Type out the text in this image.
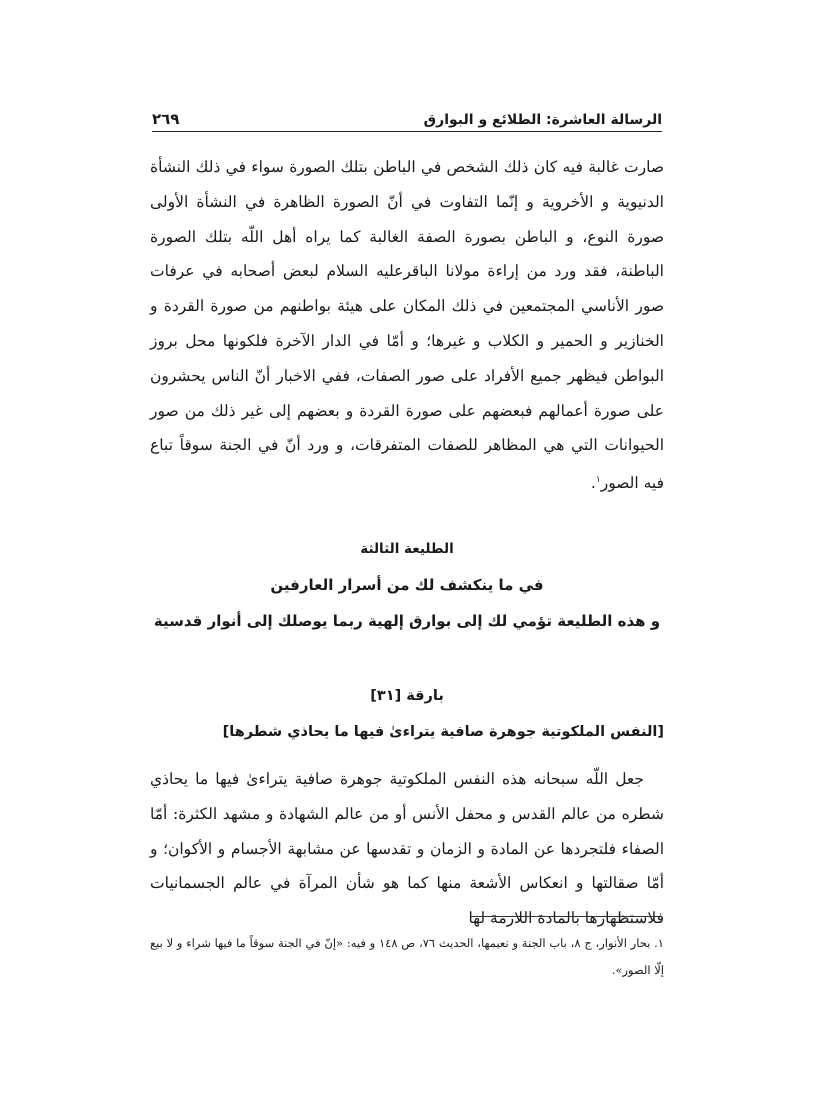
الرسالة العاشرة: الطلائع و البوارق
٢٦٩

صارت غالبة فيه كان ذلك الشخص في الباطن بتلك الصورة سواء في ذلك النشأة الدنيوية و الأخروية و إنّما التفاوت في أنّ الصورة الظاهرة في النشأة الأولى صورة النوع، و الباطن بصورة الصفة الغالبة كما يراه أهل اللّه بتلك الصورة الباطنة، فقد ورد من إراءة مولانا الباقرعليه السلام لبعض أصحابه في عرفات صور الأناسي المجتمعين في ذلك المكان على هيئة بواطنهم من صورة القردة و الخنازير و الحمير و الكلاب و غيرها؛ و أمّا في الدار الآخرة فلكونها محل بروز البواطن فيظهر جميع الأفراد على صور الصفات، ففي الاخبار أنّ الناس يحشرون على صورة أعمالهم فبعضهم على صورة القردة و بعضهم إلى غير ذلك من صور الحيوانات التي هي المظاهر للصفات المتفرقات، و ورد أنّ في الجنة سوقاً تباع فيه الصور$^١$.

الطليعة الثالثة
في ما ينكشف لك من أسرار العارفين
و هذه الطليعة تؤمي لك إلى بوارق إلهية ربما يوصلك إلى أنوار قدسية
بارقة [٣١]
[النفس الملكوتية جوهرة صافية يتراءىٰ فيها ما يحاذي شطرها]

جعل اللّه سبحانه هذه النفس الملكوتية جوهرة صافية يتراءىٰ فيها ما يحاذي شطره من عالم القدس و محفل الأنس أو من عالم الشهادة و مشهد الكثرة: أمّا الصفاء فلتجردها عن المادة و الزمان و تقدسها عن مشابهة الأجسام و الأكوان؛ و أمّا صقالتها و انعكاس الأشعة منها كما هو شأن المرآة في عالم الجسمانيات فلاستظهارها بالمادة اللازمة لها

١. بحار الأنوار، ج ٨، باب الجنة و نعيمها، الحديث ٧٦، ص ١٤٨ و فيه: «إنّ في الجنة سوقاً ما فيها شراء و لا بيع إلّا الصور».
